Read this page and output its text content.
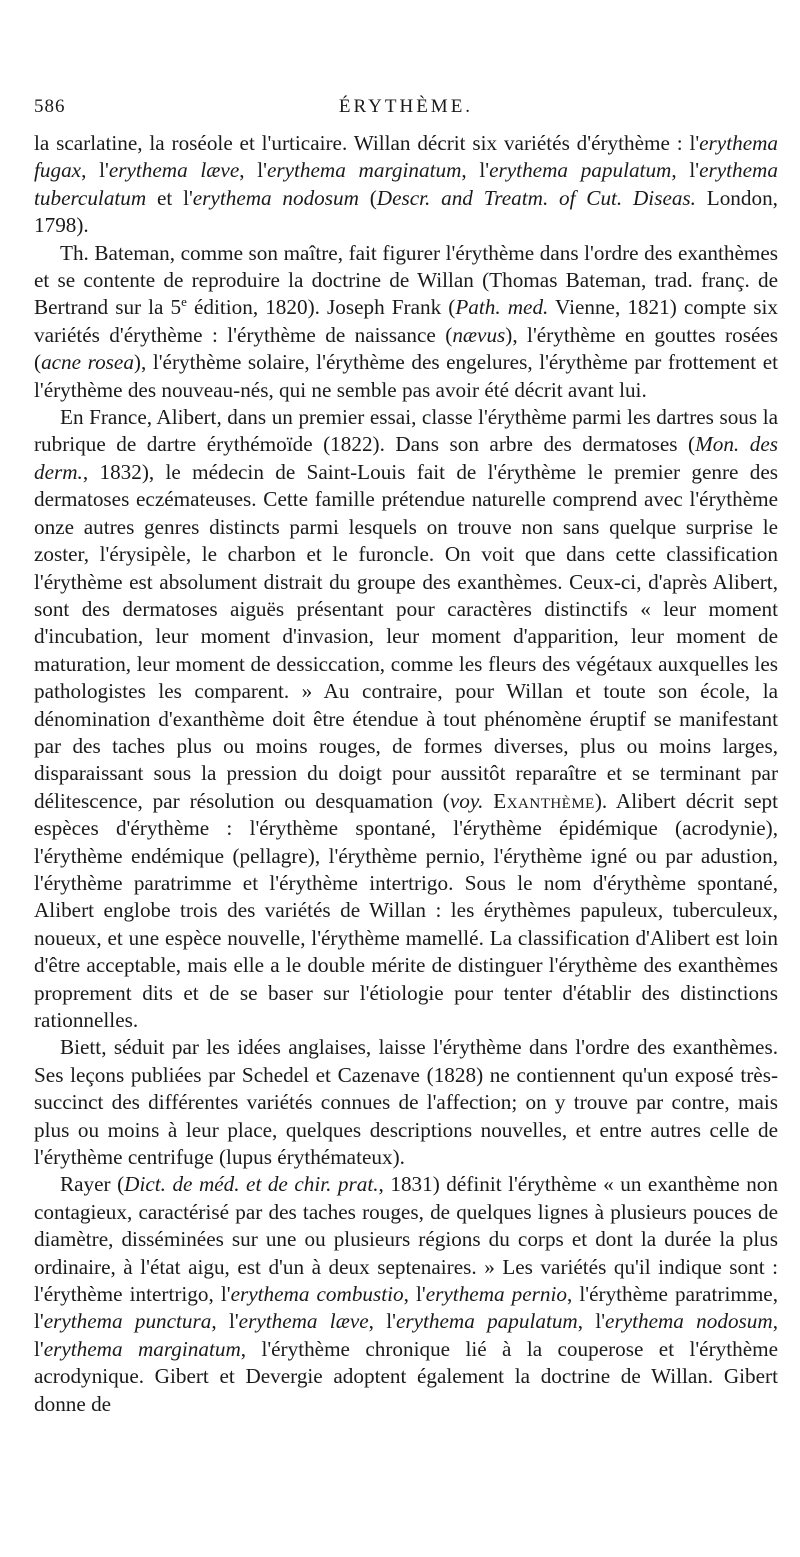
586	ÉRYTHÈME.

la scarlatine, la roséole et l'urticaire. Willan décrit six variétés d'érythème : l'erythema fugax, l'erythema læve, l'erythema marginatum, l'erythema papulatum, l'erythema tuberculatum et l'erythema nodosum (Descr. and Treatm. of Cut. Diseas. London, 1798).

Th. Bateman, comme son maître, fait figurer l'érythème dans l'ordre des exanthèmes et se contente de reproduire la doctrine de Willan (Thomas Bateman, trad. franç. de Bertrand sur la 5e édition, 1820). Joseph Frank (Path. med. Vienne, 1821) compte six variétés d'érythème : l'érythème de naissance (nævus), l'érythème en gouttes rosées (acne rosea), l'érythème solaire, l'érythème des engelures, l'érythème par frottement et l'érythème des nouveau-nés, qui ne semble pas avoir été décrit avant lui.

En France, Alibert, dans un premier essai, classe l'érythème parmi les dartres sous la rubrique de dartre érythémoïde (1822). Dans son arbre des dermatoses (Mon. des derm., 1832), le médecin de Saint-Louis fait de l'érythème le premier genre des dermatoses eczémateuses. Cette famille prétendue naturelle comprend avec l'érythème onze autres genres distincts parmi lesquels on trouve non sans quelque surprise le zoster, l'érysipèle, le charbon et le furoncle. On voit que dans cette classification l'érythème est absolument distrait du groupe des exanthèmes. Ceux-ci, d'après Alibert, sont des dermatoses aiguës présentant pour caractères distinctifs « leur moment d'incubation, leur moment d'invasion, leur moment d'apparition, leur moment de maturation, leur moment de dessiccation, comme les fleurs des végétaux auxquelles les pathologistes les comparent. » Au contraire, pour Willan et toute son école, la dénomination d'exanthème doit être étendue à tout phénomène éruptif se manifestant par des taches plus ou moins rouges, de formes diverses, plus ou moins larges, disparaissant sous la pression du doigt pour aussitôt reparaître et se terminant par délitescence, par résolution ou desquamation (voy. Exanthème). Alibert décrit sept espèces d'érythème : l'érythème spontané, l'érythème épidémique (acrodynie), l'érythème endémique (pellagre), l'érythème pernio, l'érythème igné ou par adustion, l'érythème paratrimme et l'érythème intertrigo. Sous le nom d'érythème spontané, Alibert englobe trois des variétés de Willan : les érythèmes papuleux, tuberculeux, noueux, et une espèce nouvelle, l'érythème mamellé. La classification d'Alibert est loin d'être acceptable, mais elle a le double mérite de distinguer l'érythème des exanthèmes proprement dits et de se baser sur l'étiologie pour tenter d'établir des distinctions rationnelles.

Biett, séduit par les idées anglaises, laisse l'érythème dans l'ordre des exanthèmes. Ses leçons publiées par Schedel et Cazenave (1828) ne contiennent qu'un exposé très-succinct des différentes variétés connues de l'affection; on y trouve par contre, mais plus ou moins à leur place, quelques descriptions nouvelles, et entre autres celle de l'érythème centrifuge (lupus érythémateux).

Rayer (Dict. de méd. et de chir. prat., 1831) définit l'érythème « un exanthème non contagieux, caractérisé par des taches rouges, de quelques lignes à plusieurs pouces de diamètre, disséminées sur une ou plusieurs régions du corps et dont la durée la plus ordinaire, à l'état aigu, est d'un à deux septenaires. » Les variétés qu'il indique sont : l'érythème intertrigo, l'erythema combustio, l'erythema pernio, l'érythème paratrimme, l'erythema punctura, l'erythema læve, l'erythema papulatum, l'erythema nodosum, l'erythema marginatum, l'érythème chronique lié à la couperose et l'érythème acrodynique. Gibert et Devergie adoptent également la doctrine de Willan. Gibert donne de
